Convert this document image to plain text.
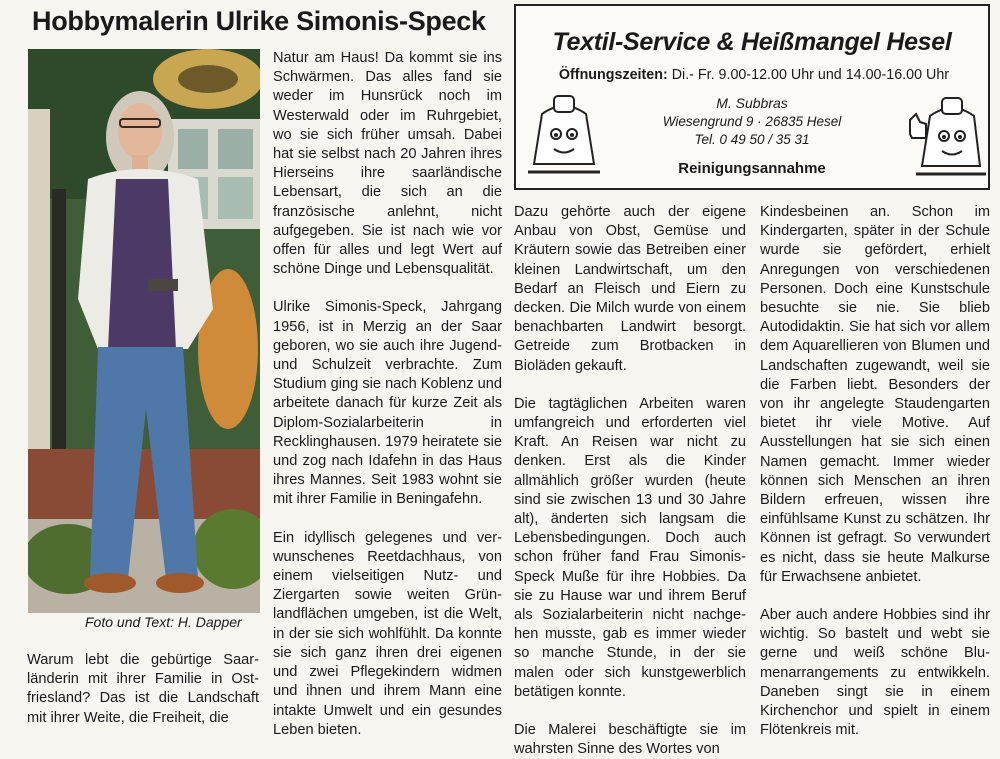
Hobbymalerin Ulrike Simonis-Speck
Foto und Text: H. Dapper
Textil-Service & Heißmangel Hesel
Öffnungszeiten: Di.- Fr. 9.00-12.00 Uhr und 14.00-16.00 Uhr
M. Subbras
Wiesengrund 9 · 26835 Hesel
Tel. 0 49 50 / 35 31
Reinigungsannahme

Warum lebt die gebürtige Saarländerin mit ihrer Familie in Ostfriesland? Das ist die Landschaft mit ihrer Weite, die Freiheit, die

Natur am Haus! Da kommt sie ins Schwärmen. Das alles fand sie weder im Hunsrück noch im Westerwald oder im Ruhrgebiet, wo sie sich früher umsah. Dabei hat sie selbst nach 20 Jahren ihres Hierseins ihre saarländische Lebensart, die sich an die französische anlehnt, nicht aufgegeben. Sie ist nach wie vor offen für alles und legt Wert auf schöne Dinge und Lebensqualität.

Ulrike Simonis-Speck, Jahrgang 1956, ist in Merzig an der Saar geboren, wo sie auch ihre Jugend- und Schulzeit verbrachte. Zum Studium ging sie nach Koblenz und arbeitete danach für kurze Zeit als Diplom-Sozialarbeiterin in Recklinghausen. 1979 heiratete sie und zog nach Idafehn in das Haus ihres Mannes. Seit 1983 wohnt sie mit ihrer Familie in Beningafehn.

Ein idyllisch gelegenes und verwunschenes Reetdachhaus, von einem vielseitigen Nutz- und Ziergarten sowie weiten Grünlandflächen umgeben, ist die Welt, in der sie sich wohlfühlt. Da konnte sie sich ganz ihren drei eigenen und zwei Pflegekindern widmen und ihnen und ihrem Mann eine intakte Umwelt und ein gesundes Leben bieten.

Dazu gehörte auch der eigene Anbau von Obst, Gemüse und Kräutern sowie das Betreiben einer kleinen Landwirtschaft, um den Bedarf an Fleisch und Eiern zu decken. Die Milch wurde von einem benachbarten Landwirt besorgt. Getreide zum Brotbacken in Bioläden gekauft.

Die tagtäglichen Arbeiten waren umfangreich und erforderten viel Kraft. An Reisen war nicht zu denken. Erst als die Kinder allmählich größer wurden (heute sind sie zwischen 13 und 30 Jahre alt), änderten sich langsam die Lebensbedingungen. Doch auch schon früher fand Frau Simonis-Speck Muße für ihre Hobbies. Da sie zu Hause war und ihrem Beruf als Sozialarbeiterin nicht nachgehen musste, gab es immer wieder so manche Stunde, in der sie malen oder sich kunstgewerblich betätigen konnte.

Die Malerei beschäftigte sie im wahrsten Sinne des Wortes von

Kindesbeinen an. Schon im Kindergarten, später in der Schule wurde sie gefördert, erhielt Anregungen von verschiedenen Personen. Doch eine Kunstschule besuchte sie nie. Sie blieb Autodidaktin. Sie hat sich vor allem dem Aquarellieren von Blumen und Landschaften zugewandt, weil sie die Farben liebt. Besonders der von ihr angelegte Staudengarten bietet ihr viele Motive. Auf Ausstellungen hat sie sich einen Namen gemacht. Immer wieder können sich Menschen an ihren Bildern erfreuen, wissen ihre einfühlsame Kunst zu schätzen. Ihr Können ist gefragt. So verwundert es nicht, dass sie heute Malkurse für Erwachsene anbietet.

Aber auch andere Hobbies sind ihr wichtig. So bastelt und webt sie gerne und weiß schöne Blumenarrangements zu entwikkeln. Daneben singt sie in einem Kirchenchor und spielt in einem Flötenkreis mit.
